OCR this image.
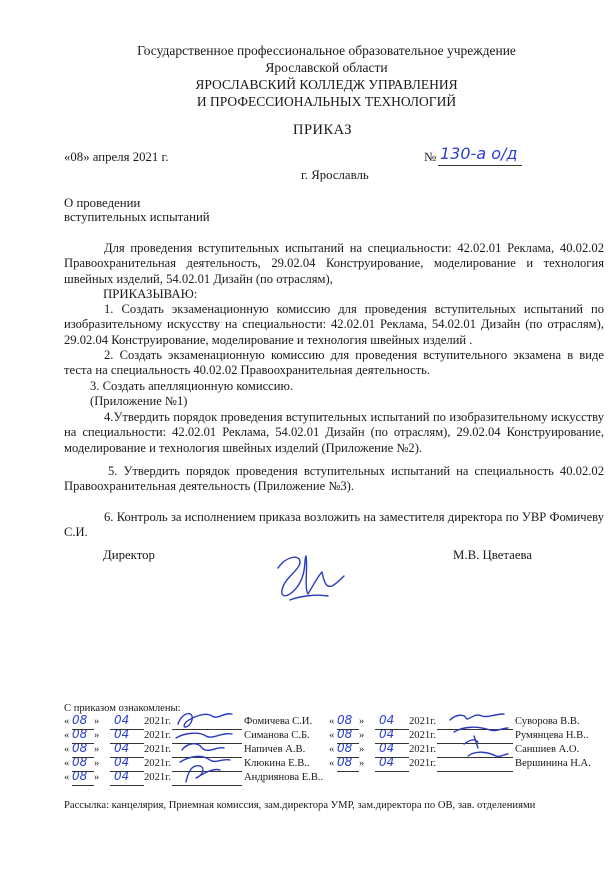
Государственное профессиональное образовательное учреждение
Ярославской области
ЯРОСЛАВСКИЙ КОЛЛЕДЖ УПРАВЛЕНИЯ
И ПРОФЕССИОНАЛЬНЫХ ТЕХНОЛОГИЙ
ПРИКАЗ
«08» апреля 2021 г.	№ 130-а о/д
г. Ярославль
О проведении
вступительных испытаний
Для проведения вступительных испытаний на специальности: 42.02.01 Реклама, 40.02.02 Правоохранительная деятельность, 29.02.04 Конструирование, моделирование и технология швейных изделий, 54.02.01 Дизайн (по отраслям),
ПРИКАЗЫВАЮ:
1. Создать экзаменационную комиссию для проведения вступительных испытаний по изобразительному искусству на специальности: 42.02.01 Реклама, 54.02.01 Дизайн (по отраслям), 29.02.04 Конструирование, моделирование и технология швейных изделий .
2. Создать экзаменационную комиссию для проведения вступительного экзамена в виде теста на специальность 40.02.02 Правоохранительная деятельность.
3. Создать апелляционную комиссию.
(Приложение №1)
4.Утвердить порядок проведения вступительных испытаний по изобразительному искусству на специальности: 42.02.01 Реклама, 54.02.01 Дизайн (по отраслям), 29.02.04 Конструирование, моделирование и технология швейных изделий (Приложение №2).
5. Утвердить порядок проведения вступительных испытаний на специальность 40.02.02 Правоохранительная деятельность (Приложение №3).
6. Контроль за исполнением приказа возложить на заместителя директора по УВР Фомичеву С.И.
Директор	М.В. Цветаева
С приказом ознакомлены:
« 08 » 04 2021г.	Фомичева С.И.
« 08 » 04 2021г.	Симанова С.Б.
« 08 » 04 2021г.	Напичев А.В.
« 08 » 04 2021г.	Клюкина Е.В..
« 08 » 04 2021г.	Андриянова Е.В..
« 08 » 04 2021г.	Суворова В.В.
« 08 » 04 2021г.	Румянцева Н.В..
« 08 » 04 2021г.	Саншиев А.О.
« 08 » 04 2021г.	Вершинина Н.А.
Рассылка: канцелярия, Приемная комиссия, зам.директора УМР, зам.директора по ОВ, зав. отделениями
